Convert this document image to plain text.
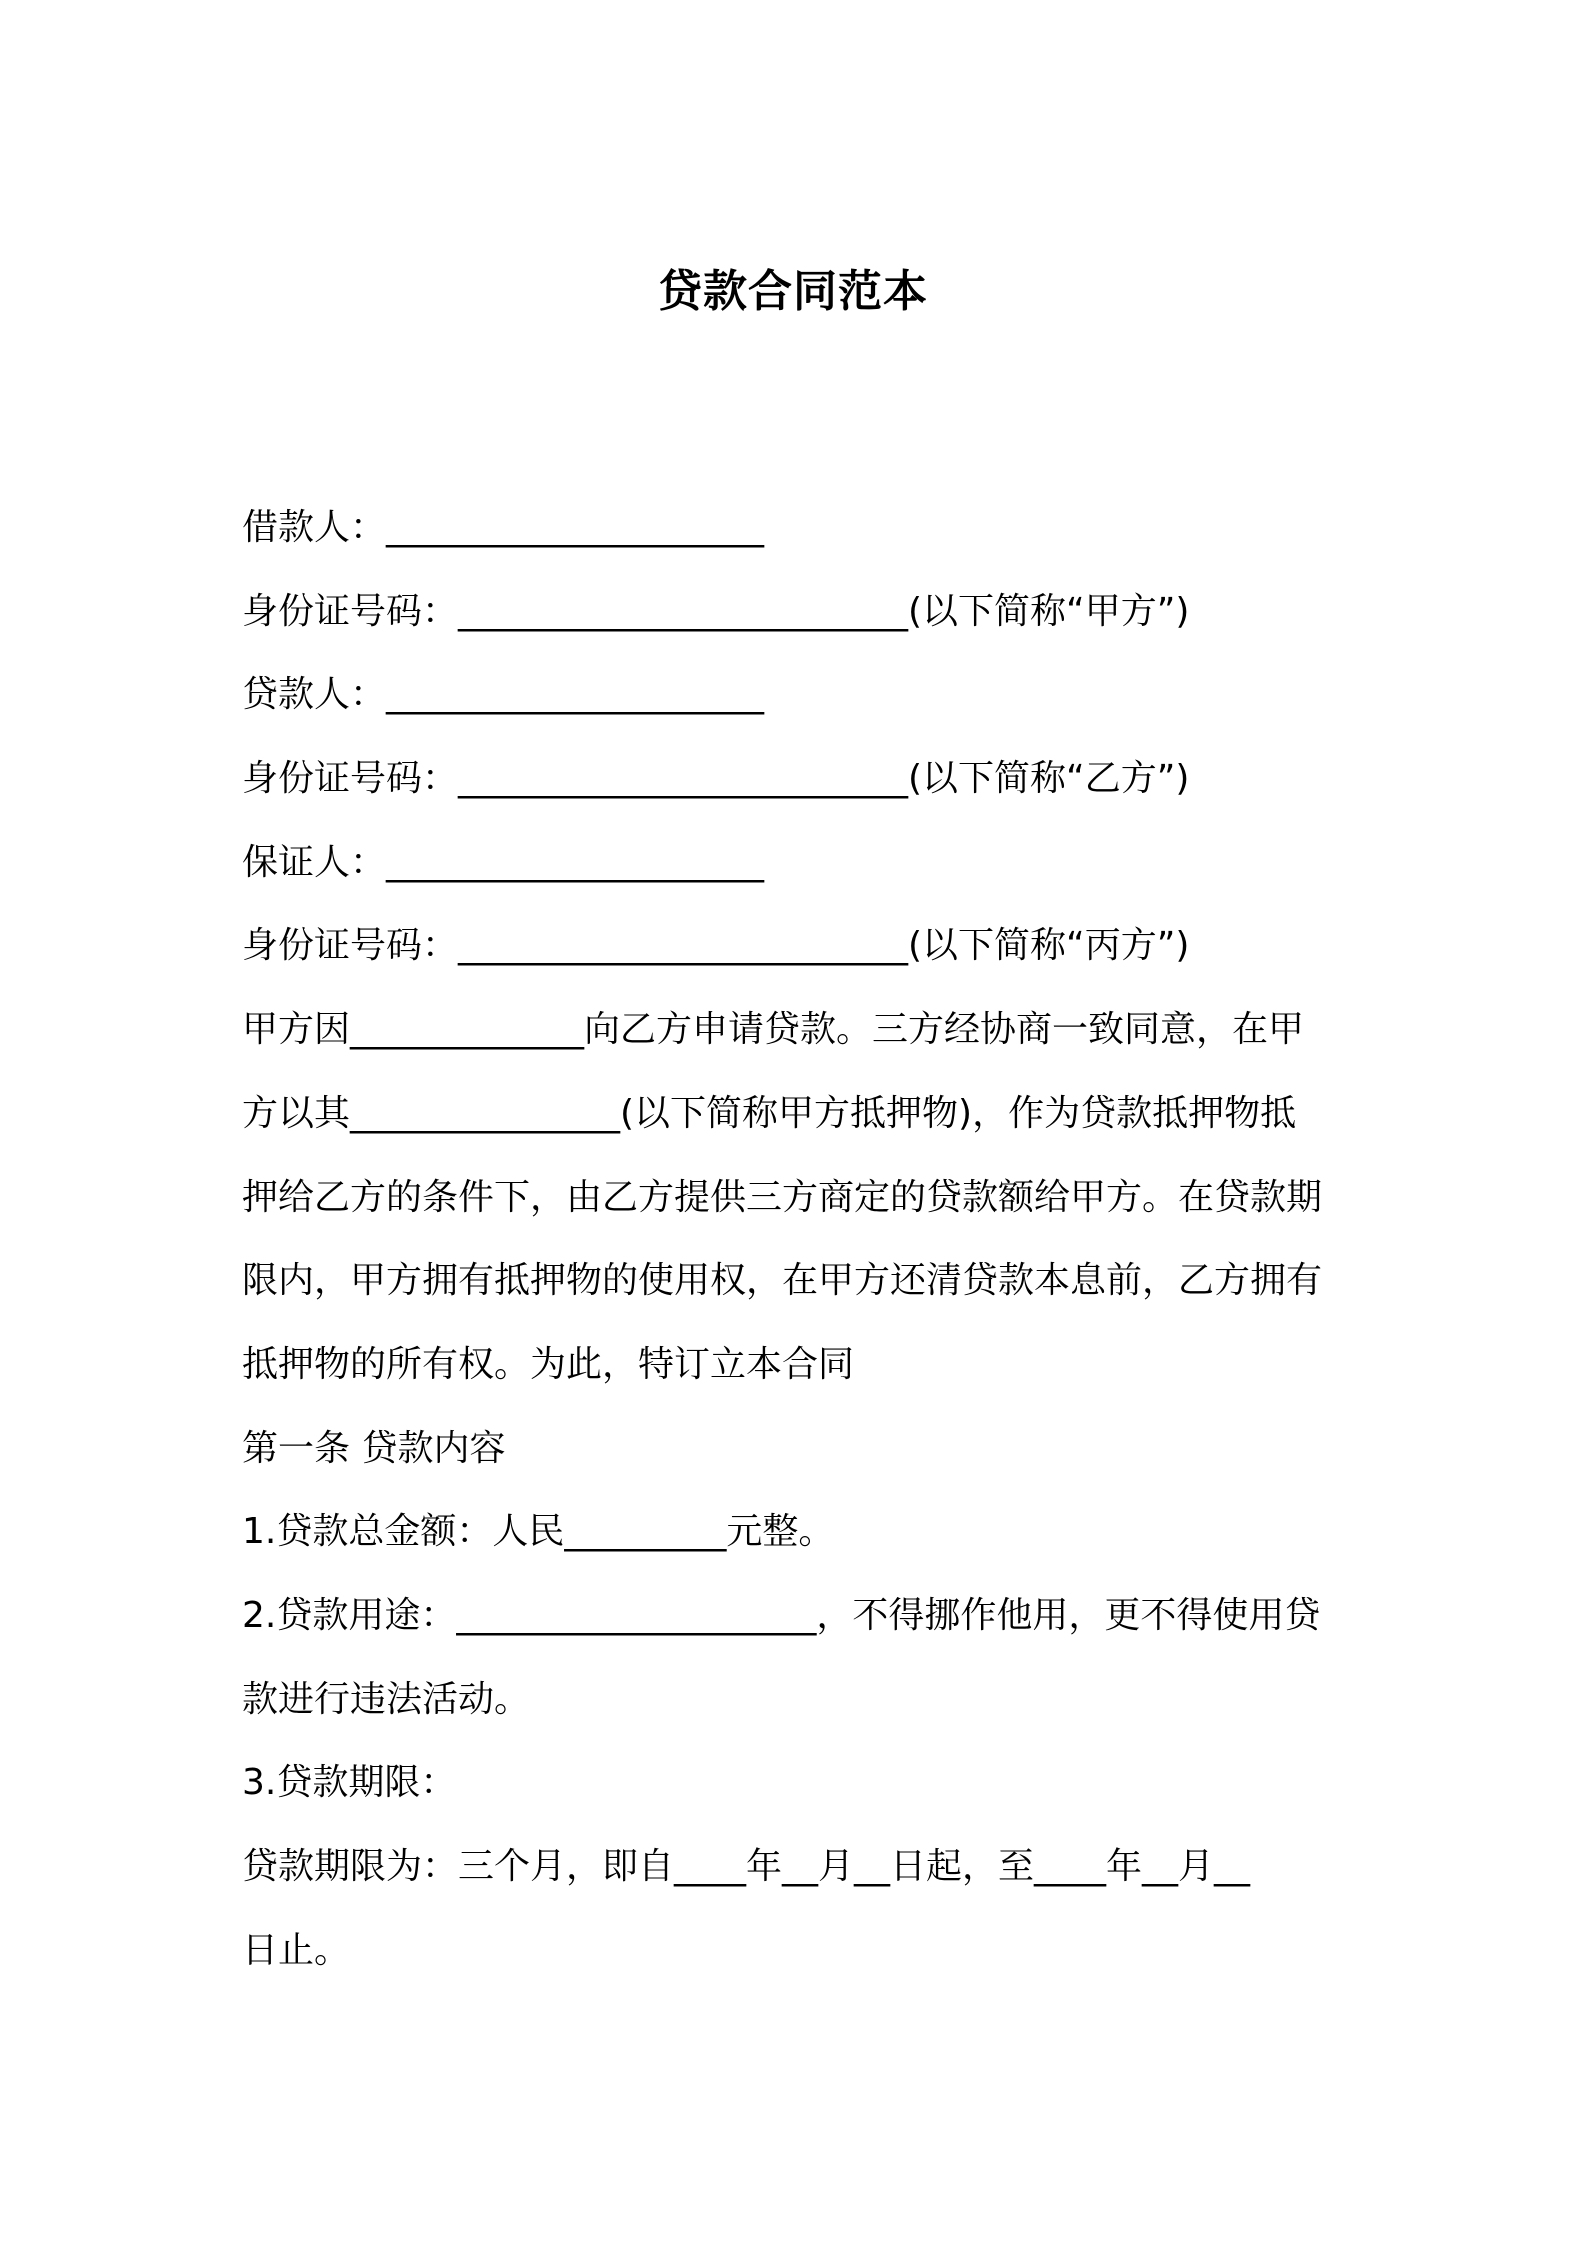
贷款合同范本
借款人：_____________________
身份证号码：_________________________(以下简称“甲方”)
贷款人：_____________________
身份证号码：_________________________(以下简称“乙方”)
保证人：_____________________
身份证号码：_________________________(以下简称“丙方”)
甲方因_____________向乙方申请贷款。三方经协商一致同意，在甲
方以其_______________(以下简称甲方抵押物)，作为贷款抵押物抵
押给乙方的条件下，由乙方提供三方商定的贷款额给甲方。在贷款期
限内，甲方拥有抵押物的使用权，在甲方还清贷款本息前，乙方拥有
抵押物的所有权。为此，特订立本合同
第一条 贷款内容
1.贷款总金额：人民_________元整。
2.贷款用途：____________________，不得挪作他用，更不得使用贷
款进行违法活动。
3.贷款期限：
贷款期限为：三个月，即自____年__月__日起，至____年__月__
日止。
